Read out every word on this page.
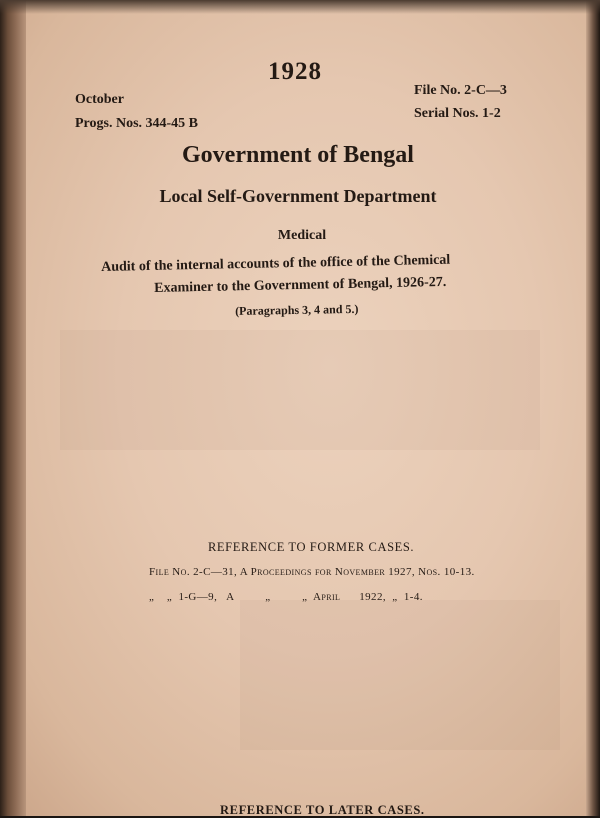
1928
October
Progs. Nos. 344-45 B
File No. 2-C—3
Serial Nos. 1-2
Government of Bengal
Local Self-Government Department
Medical
Audit of the internal accounts of the office of the Chemical
Examiner to the Government of Bengal, 1926-27.
(Paragraphs 3, 4 and 5.)
REFERENCE TO FORMER CASES.
File No. 2-C—31, A Proceedings for November 1927, Nos. 10-13.
„    „  1-G—9,   A          „          „  April      1922,  „  1-4.
REFERENCE TO LATER CASES.
